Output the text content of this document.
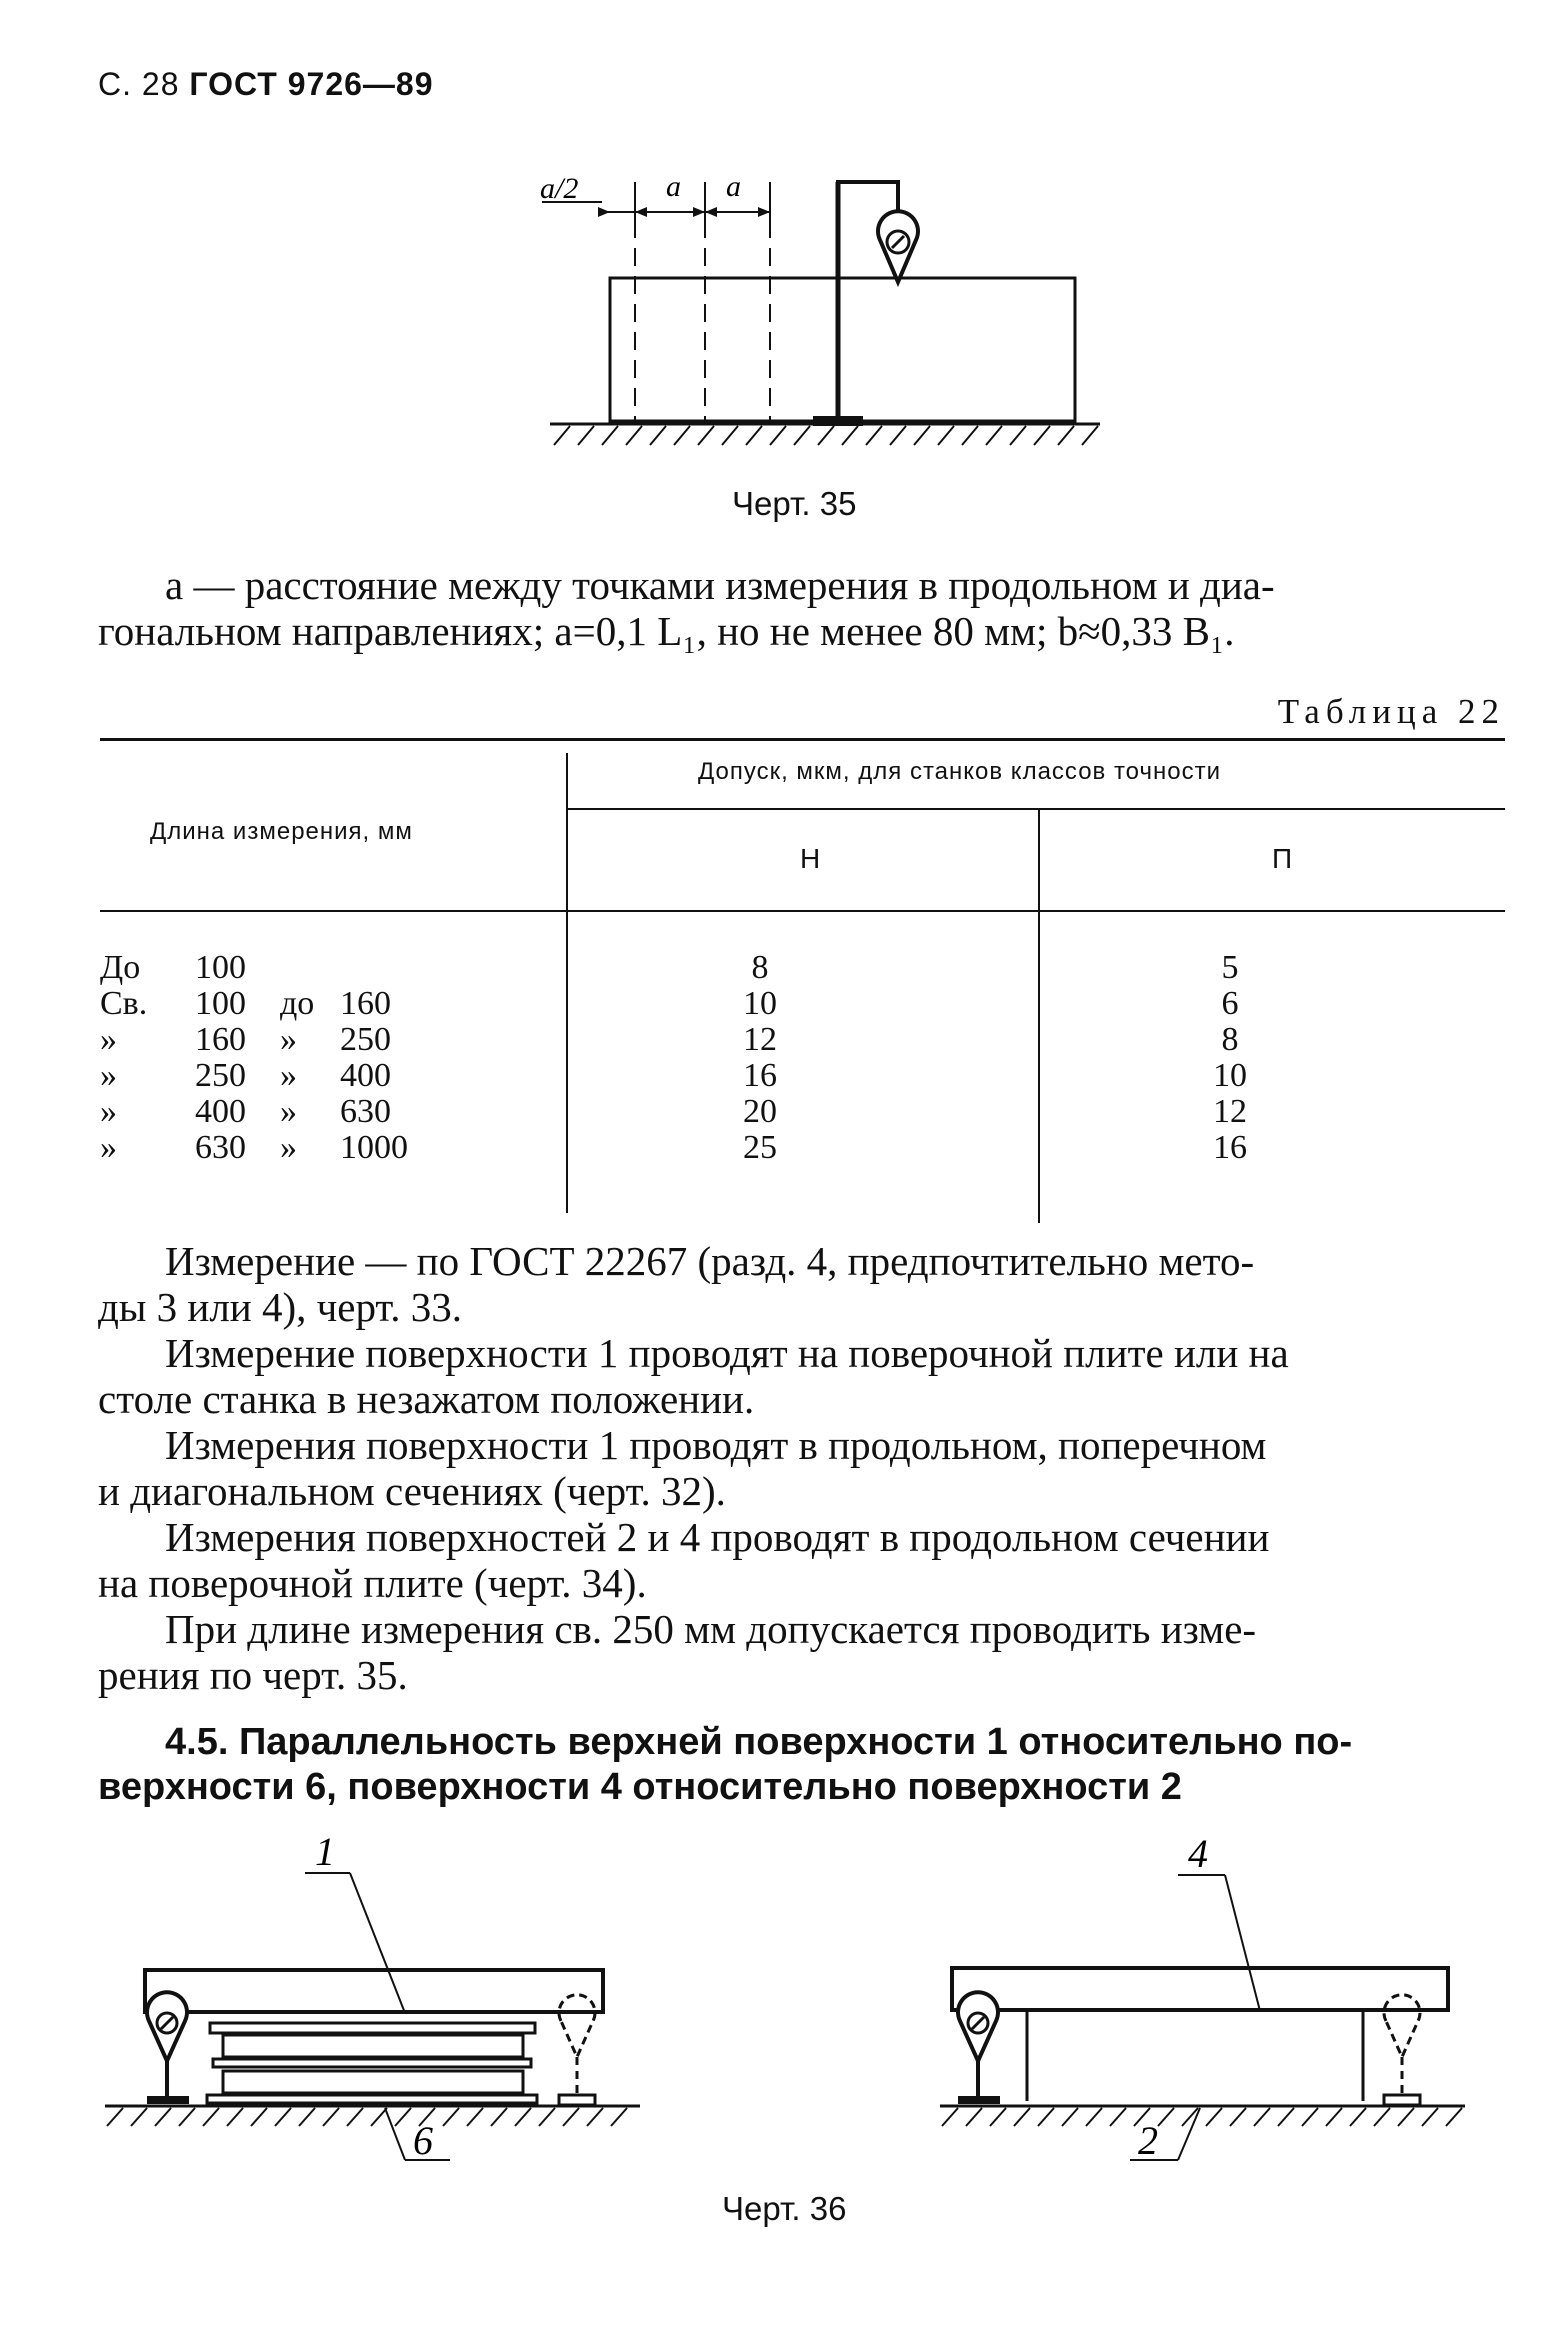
С. 28 ГОСТ 9726—89
a/2	a a
Черт. 35
a — расстояние между точками измерения в продольном и диа-
гональном направлениях; a=0,1 L₁, но не менее 80 мм; b≈0,33 B₁.
Таблица 22
Длина измерения, мм
Допуск, мкм, для станков классов точности
Н	П
До 100	8	5
Св. 100 до 160	10	6
» 160 » 250	12	8
» 250 » 400	16	10
» 400 » 630	20	12
» 630 » 1000	25	16
Измерение — по ГОСТ 22267 (разд. 4, предпочтительно мето-
ды 3 или 4), черт. 33.
Измерение поверхности 1 проводят на поверочной плите или на
столе станка в незажатом положении.
Измерения поверхности 1 проводят в продольном, поперечном
и диагональном сечениях (черт. 32).
Измерения поверхностей 2 и 4 проводят в продольном сечении
на поверочной плите (черт. 34).
При длине измерения св. 250 мм допускается проводить изме-
рения по черт. 35.
4.5. Параллельность верхней поверхности 1 относительно по-
верхности 6, поверхности 4 относительно поверхности 2
1
6
4
2
Черт. 36
